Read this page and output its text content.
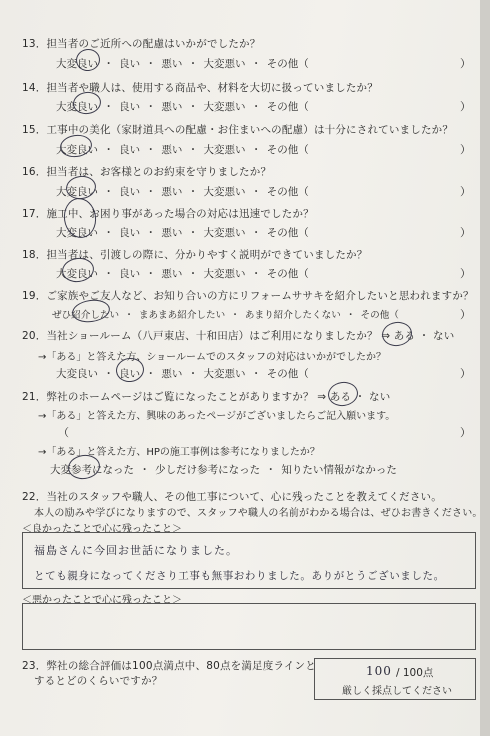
13．担当者のご近所への配慮はいかがでしたか？
大変良い ・ 良い ・ 悪い ・ 大変悪い ・ その他（	）
14．担当者や職人は、使用する商品や、材料を大切に扱っていましたか？
大変良い ・ 良い ・ 悪い ・ 大変悪い ・ その他（	）
15．工事中の美化（家財道具への配慮・お住まいへの配慮）は十分にされていましたか？
大変良い ・ 良い ・ 悪い ・ 大変悪い ・ その他（	）
16．担当者は、お客様とのお約束を守りましたか？
大変良い ・ 良い ・ 悪い ・ 大変悪い ・ その他（	）
17．施工中、お困り事があった場合の対応は迅速でしたか？
大変良い ・ 良い ・ 悪い ・ 大変悪い ・ その他（	）
18．担当者は、引渡しの際に、分かりやすく説明ができていましたか？
大変良い ・ 良い ・ 悪い ・ 大変悪い ・ その他（	）
19．ご家族やご友人など、お知り合いの方にリフォームササキを紹介したいと思われますか？
ぜひ紹介したい ・ まあまあ紹介したい ・ あまり紹介したくない ・ その他（	）
20．当社ショールーム（八戸東店、十和田店）はご利用になりましたか？ ⇒ ある ・ ない
→「ある」と答えた方、ショールームでのスタッフの対応はいかがでしたか？
大変良い ・ 良い ・ 悪い ・ 大変悪い ・ その他（	）
21．弊社のホームページはご覧になったことがありますか？ ⇒ ある ・ ない
→「ある」と答えた方、興味のあったページがございましたらご記入願います。
（	）
→「ある」と答えた方、HPの施工事例は参考になりましたか？
大変参考になった ・ 少しだけ参考になった ・ 知りたい情報がなかった
22．当社のスタッフや職人、その他工事について、心に残ったことを教えてください。
本人の励みや学びになりますので、スタッフや職人の名前がわかる場合は、ぜひお書きください。
＜良かったことで心に残ったこと＞
福島さんに今回お世話になりました。
とても親身になってくださり工事も無事おわりました。ありがとうございました。
＜悪かったことで心に残ったこと＞
23．弊社の総合評価は100点満点中、80点を満足度ラインと
するとどのくらいですか？
100 / 100点
厳しく採点してください
